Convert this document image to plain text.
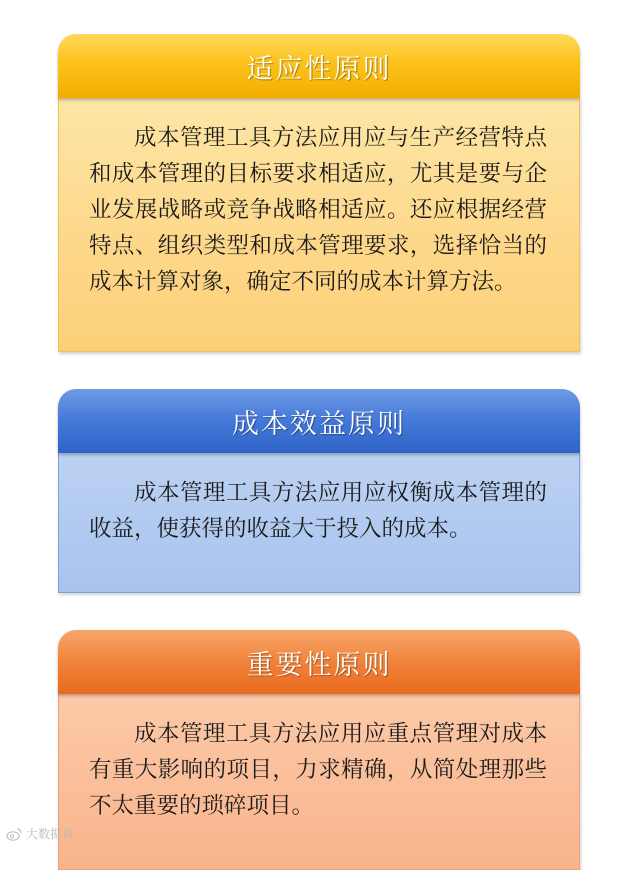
适应性原则

成本管理工具方法应用应与生产经营特点和成本管理的目标要求相适应，尤其是要与企业发展战略或竞争战略相适应。还应根据经营特点、组织类型和成本管理要求，选择恰当的成本计算对象，确定不同的成本计算方法。

成本效益原则

成本管理工具方法应用应权衡成本管理的收益，使获得的收益大于投入的成本。

重要性原则

成本管理工具方法应用应重点管理对成本有重大影响的项目，力求精确，从简处理那些不太重要的琐碎项目。

大数据说
